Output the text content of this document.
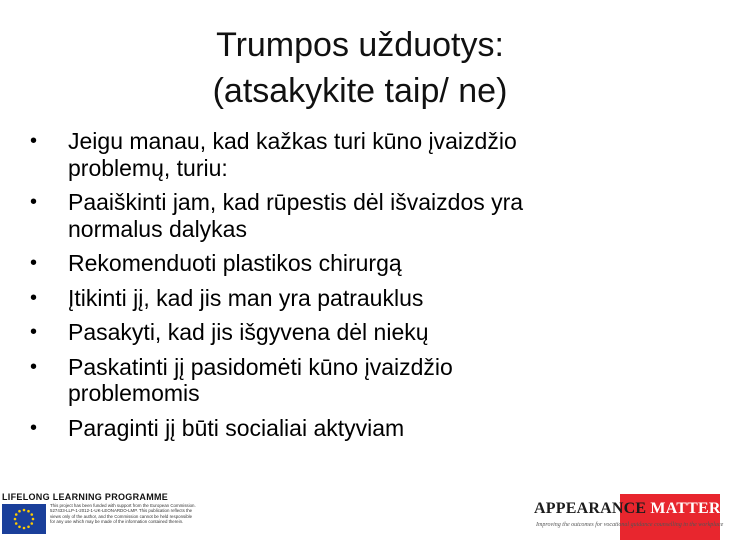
Trumpos užduotys:
(atsakykite taip/ ne)
• Jeigu manau, kad kažkas turi kūno įvaizdžio
problemų, turiu:
• Paaiškinti jam, kad rūpestis dėl išvaizdos yra
normalus dalykas
• Rekomenduoti plastikos chirurgą
• Įtikinti jį, kad jis man yra patrauklus
• Pasakyti, kad jis išgyvena dėl niekų
• Paskatinti jį pasidomėti kūno įvaizdžio
problemomis
• Paraginti jį būti socialiai aktyviam
LIFELONG LEARNING PROGRAMME
This project has been funded with support from the European Commission. 527433-LLP-1-2012-1-UK-LEONARDO-LMP. This publication reflects the views only of the author, and the Commission cannot be held responsible for any use which may be made of the information contained therein.
APPEARANCE MATTERS
Improving the outcomes for vocational guidance counselling in the workplace
